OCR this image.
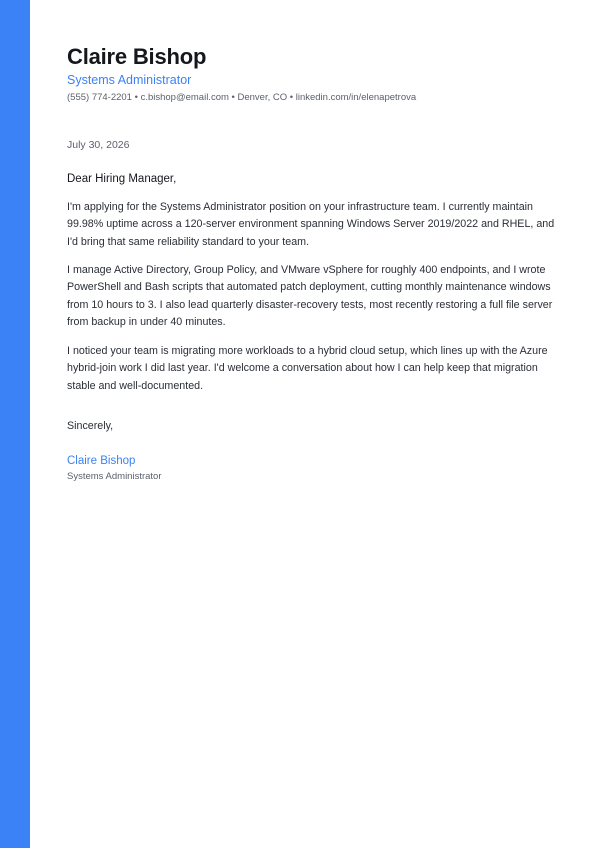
Claire Bishop
Systems Administrator
(555) 774-2201 • c.bishop@email.com • Denver, CO • linkedin.com/in/elenapetrova
July 30, 2026
Dear Hiring Manager,

I'm applying for the Systems Administrator position on your infrastructure team. I currently maintain 99.98% uptime across a 120-server environment spanning Windows Server 2019/2022 and RHEL, and I'd bring that same reliability standard to your team.

I manage Active Directory, Group Policy, and VMware vSphere for roughly 400 endpoints, and I wrote PowerShell and Bash scripts that automated patch deployment, cutting monthly maintenance windows from 10 hours to 3. I also lead quarterly disaster-recovery tests, most recently restoring a full file server from backup in under 40 minutes.

I noticed your team is migrating more workloads to a hybrid cloud setup, which lines up with the Azure hybrid-join work I did last year. I'd welcome a conversation about how I can help keep that migration stable and well-documented.

Sincerely,
Claire Bishop
Systems Administrator
